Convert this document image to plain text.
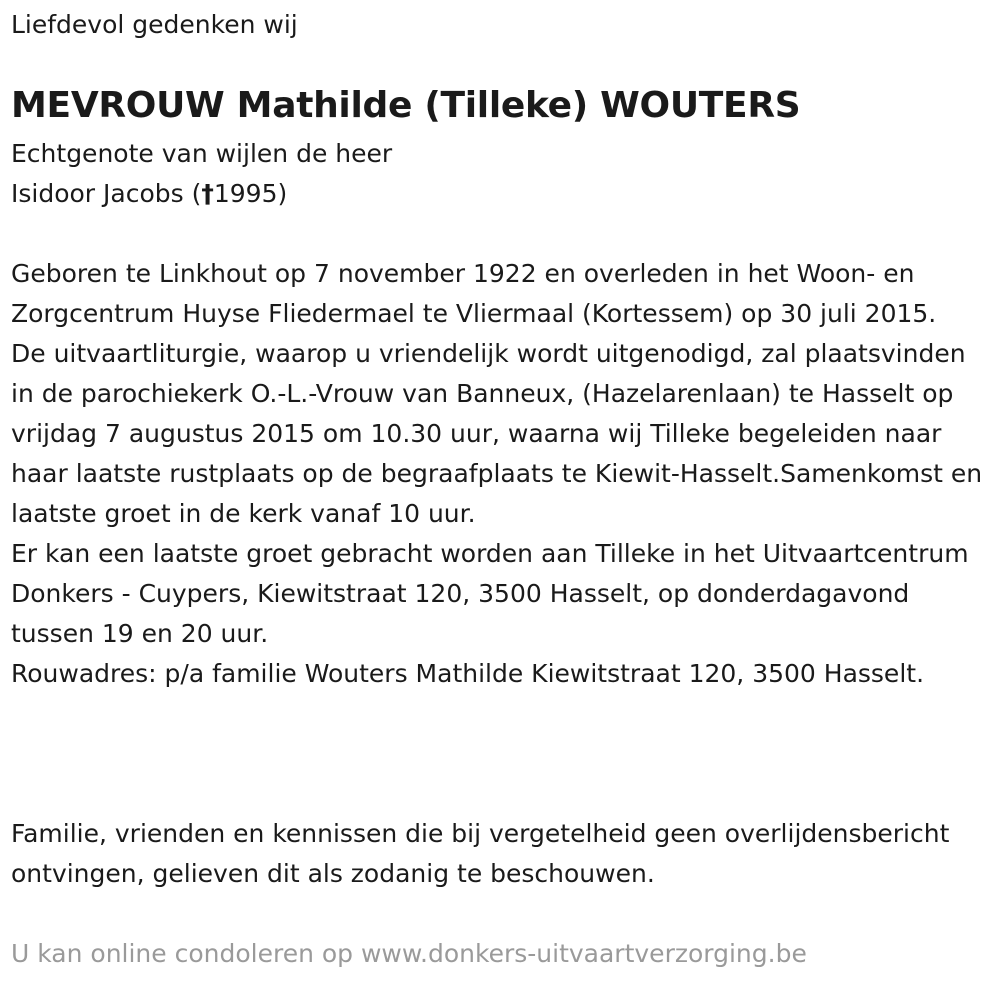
Liefdevol gedenken wij
MEVROUW Mathilde (Tilleke) WOUTERS
Echtgenote van wijlen de heer
Isidoor Jacobs (†1995)

Geboren te Linkhout op 7 november 1922 en overleden in het Woon- en Zorgcentrum Huyse Fliedermael te Vliermaal (Kortessem) op 30 juli 2015.

De uitvaartliturgie, waarop u vriendelijk wordt uitgenodigd, zal plaatsvinden in de parochiekerk O.-L.-Vrouw van Banneux, (Hazelarenlaan) te Hasselt op vrijdag 7 augustus 2015 om 10.30 uur, waarna wij Tilleke begeleiden naar haar laatste rustplaats op de begraafplaats te Kiewit-Hasselt.Samenkomst en laatste groet in de kerk vanaf 10 uur.

Er kan een laatste groet gebracht worden aan Tilleke in het Uitvaartcentrum Donkers - Cuypers, Kiewitstraat 120, 3500 Hasselt, op donderdagavond tussen 19 en 20 uur.

Rouwadres: p/a familie Wouters Mathilde Kiewitstraat 120, 3500 Hasselt.

Familie, vrienden en kennissen die bij vergetelheid geen overlijdensbericht ontvingen, gelieven dit als zodanig te beschouwen.
U kan online condoleren op www.donkers-uitvaartverzorging.be
